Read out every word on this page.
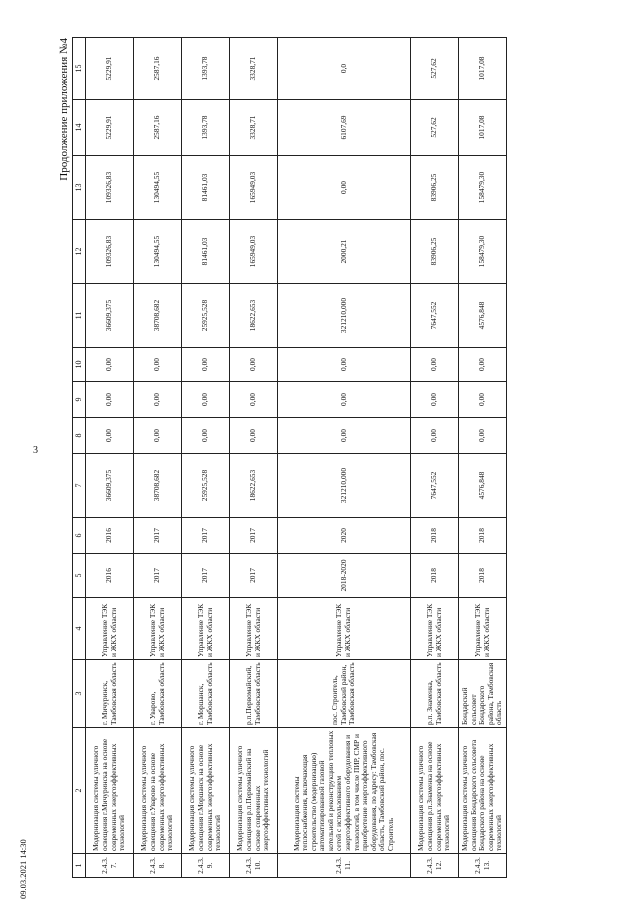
3
Продолжение приложения №4
1	2	3	4	5	6	7	8	9	10	11	12	13	14	15
2.4.3.7.	Модернизация системы уличного освещения г.Мичуринска на основе современных энергоэффективных технологий	г. Мичуринск, Тамбовская область	Управление ТЭК и ЖКХ области	2016	2016	36609,375	0,00	0,00	0,00	36609,375	109326,83	109326,83	5229,91	5229,91
2.4.3.8.	Модернизация системы уличного освещения г.Уварово на основе современных энергоэффективных технологий	г. Уварово, Тамбовская область	Управление ТЭК и ЖКХ области	2017	2017	38708,682	0,00	0,00	0,00	38708,682	130494,55	130494,55	2587,16	2587,16
2.4.3.9.	Модернизация системы уличного освещения г.Моршанск на основе современных энергоэффективных технологий	г. Моршанск, Тамбовская область	Управление ТЭК и ЖКХ области	2017	2017	25925,528	0,00	0,00	0,00	25925,528	81461,03	81461,03	1393,78	1393,78
2.4.3.10.	Модернизация системы уличного освещения р.п.Первомайский на основе современных энергоэффективных технологий	р.п.Первомайский, Тамбовская область	Управление ТЭК и ЖКХ области	2017	2017	18622,653	0,00	0,00	0,00	18622,653	165949,03	165949,03	3328,71	3328,71
2.4.3.11.	Модернизация системы теплоснабжения, включающая строительство (модернизацию) автоматизированной газовой котельной и реконструкцию тепловых сетей с использованием энергоэффективного оборудования и технологий, в том числе ПИР, СМР и приобретение энергоэффективного оборудования, по адресу: Тамбовская область, Тамбовский район, пос. Строитель	пос. Строитель, Тамбовский район, Тамбовская область	Управление ТЭК и ЖКХ области	2018-2020	2020	321210,000	0,00	0,00	0,00	321210,000	2000,21	0,00	6107,69	0,0
2.4.3.12.	Модернизация системы уличного освещения р.п.Знаменка на основе современных энергоэффективных технологий	р.п. Знаменка, Тамбовская область	Управление ТЭК и ЖКХ области	2018	2018	7647,552	0,00	0,00	0,00	7647,552	83906,25	83906,25	527,62	527,62
2.4.3.13.	Модернизация системы уличного освещения Бондарского сельсовета Бондарского района на основе современных энергоэффективных технологий	Бондарский сельсовет Бондарского района, Тамбовская область	Управление ТЭК и ЖКХ области	2018	2018	4576,848	0,00	0,00	0,00	4576,848	158479,30	158479,30	1017,08	1017,08
09.03.2021 14:30
